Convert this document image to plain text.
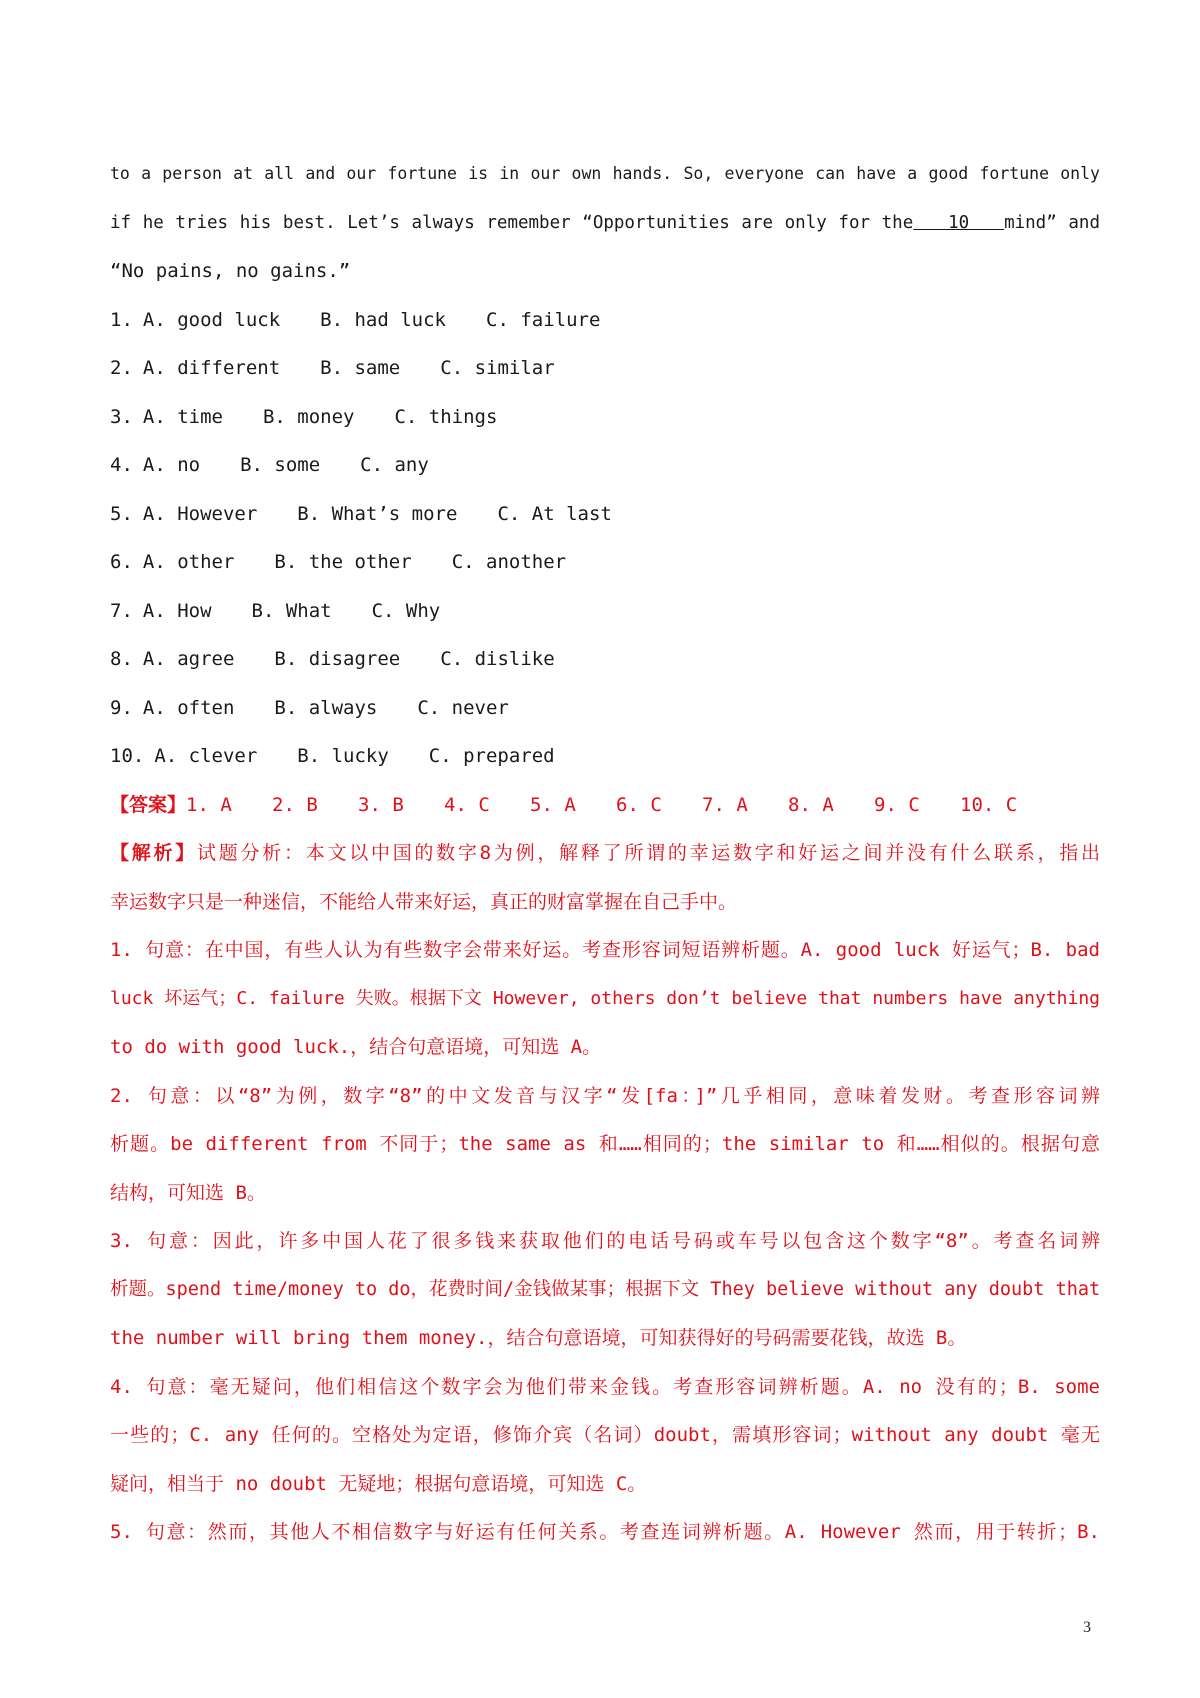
to a person at all and our fortune is in our own hands. So, everyone can have a good fortune only
if he tries his best. Let’s always remember “Opportunities are only for the   10   mind” and
“No pains, no gains.”
1. A. good luck B. had luck C. failure
2. A. different B. same C. similar
3. A. time B. money C. things
4. A. no B. some C. any
5. A. However B. What’s more C. At last
6. A. other B. the other C. another
7. A. How B. What C. Why
8. A. agree B. disagree C. dislike
9. A. often B. always C. never
10. A. clever B. lucky C. prepared
【答案】1. A 2. B 3. B 4. C 5. A 6. C 7. A 8. A 9. C 10. C
【解析】试题分析：本文以中国的数字8为例，解释了所谓的幸运数字和好运之间并没有什么联系，指出
幸运数字只是一种迷信，不能给人带来好运，真正的财富掌握在自己手中。
1. 句意：在中国，有些人认为有些数字会带来好运。考查形容词短语辨析题。A. good luck 好运气；B. bad
luck 坏运气；C. failure 失败。根据下文 However, others don’t believe that numbers have anything
to do with good luck.，结合句意语境，可知选 A。
2. 句意：以“8”为例，数字“8”的中文发音与汉字“发[fa：]”几乎相同，意味着发财。考查形容词辨
析题。be different from 不同于；the same as 和……相同的；the similar to 和……相似的。根据句意
结构，可知选 B。
3. 句意：因此，许多中国人花了很多钱来获取他们的电话号码或车号以包含这个数字“8”。考查名词辨
析题。spend time/money to do，花费时间/金钱做某事；根据下文 They believe without any doubt that
the number will bring them money.，结合句意语境，可知获得好的号码需要花钱，故选 B。
4. 句意：毫无疑问，他们相信这个数字会为他们带来金钱。考查形容词辨析题。A. no 没有的；B. some
一些的；C. any 任何的。空格处为定语，修饰介宾（名词）doubt，需填形容词；without any doubt 毫无
疑问，相当于 no doubt 无疑地；根据句意语境，可知选 C。
5. 句意：然而，其他人不相信数字与好运有任何关系。考查连词辨析题。A. However 然而，用于转折；B.
3
